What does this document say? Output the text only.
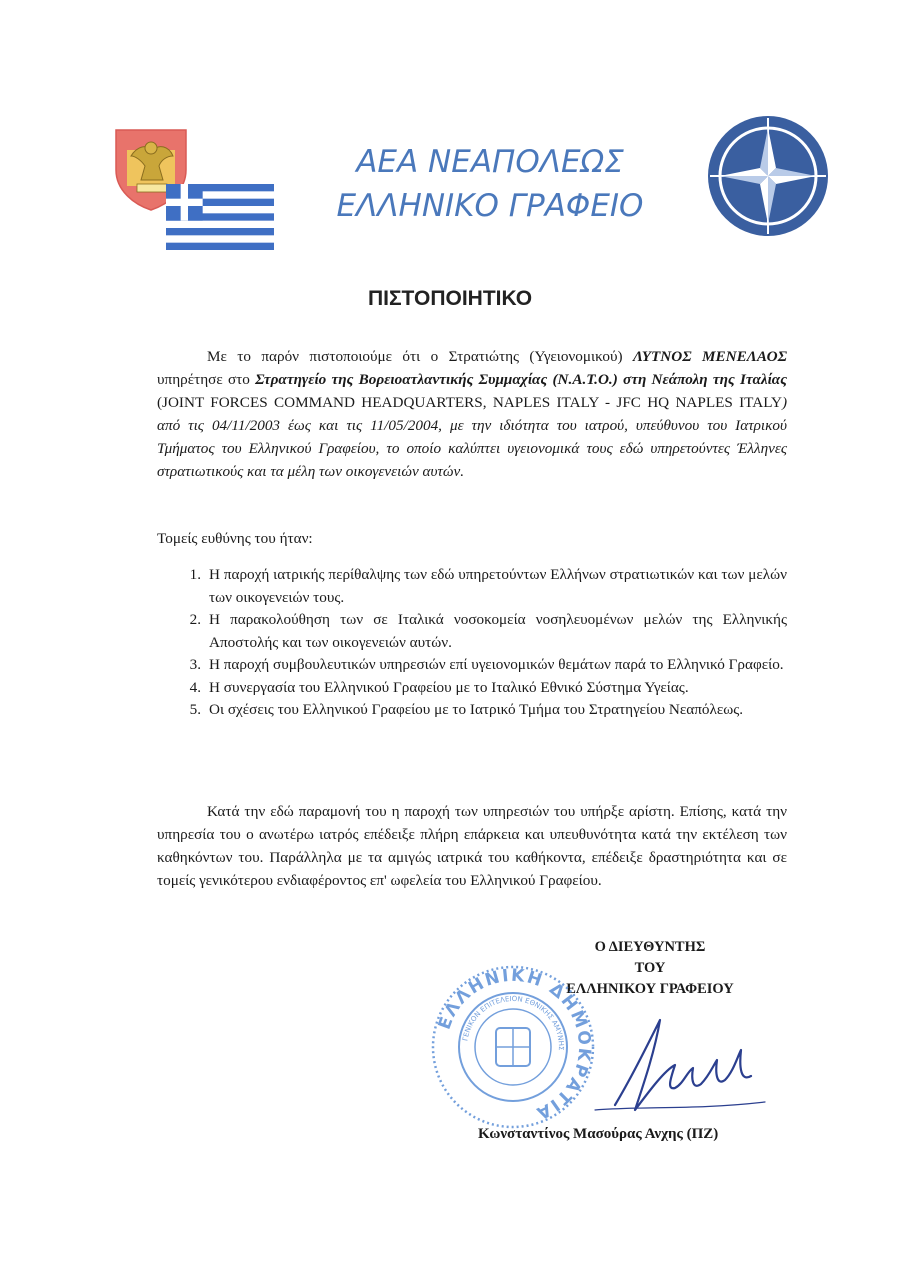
ΑΕΑ ΝΕΑΠΟΛΕΩΣ
ΕΛΛΗΝΙΚΟ ΓΡΑΦΕΙΟ
ΠΙΣΤΟΠΟΙΗΤΙΚΟ
Με το παρόν πιστοποιούμε ότι ο Στρατιώτης (Υγειονομικού) ΛΥΤΝΟΣ ΜΕΝΕΛΑΟΣ υπηρέτησε στο Στρατηγείο της Βορειοατλαντικής Συμμαχίας (Ν.Α.Τ.Ο.) στη Νεάπολη της Ιταλίας (JOINT FORCES COMMAND HEADQUARTERS, NAPLES ITALY - JFC HQ NAPLES ITALY) από τις 04/11/2003 έως και τις 11/05/2004, με την ιδιότητα του ιατρού, υπεύθυνου του Ιατρικού Τμήματος του Ελληνικού Γραφείου, το οποίο καλύπτει υγειονομικά τους εδώ υπηρετούντες Έλληνες στρατιωτικούς και τα μέλη των οικογενειών αυτών.
Τομείς ευθύνης του ήταν:
1. Η παροχή ιατρικής περίθαλψης των εδώ υπηρετούντων Ελλήνων στρατιωτικών και των μελών των οικογενειών τους.
2. Η παρακολούθηση των σε Ιταλικά νοσοκομεία νοσηλευομένων μελών της Ελληνικής Αποστολής και των οικογενειών αυτών.
3. Η παροχή συμβουλευτικών υπηρεσιών επί υγειονομικών θεμάτων παρά το Ελληνικό Γραφείο.
4. Η συνεργασία του Ελληνικού Γραφείου με το Ιταλικό Εθνικό Σύστημα Υγείας.
5. Οι σχέσεις του Ελληνικού Γραφείου με το Ιατρικό Τμήμα του Στρατηγείου Νεαπόλεως.
Κατά την εδώ παραμονή του η παροχή των υπηρεσιών του υπήρξε αρίστη. Επίσης, κατά την υπηρεσία του ο ανωτέρω ιατρός επέδειξε πλήρη επάρκεια και υπευθυνότητα κατά την εκτέλεση των καθηκόντων του. Παράλληλα με τα αμιγώς ιατρικά του καθήκοντα, επέδειξε δραστηριότητα και σε τομείς γενικότερου ενδιαφέροντος επ' ωφελεία του Ελληνικού Γραφείου.
Ο ΔΙΕΥΘΥΝΤΗΣ
ΤΟΥ
ΕΛΛΗΝΙΚΟΥ ΓΡΑΦΕΙΟΥ
ΕΛΛΗΝΙΚΗ ΔΗΜΟΚΡΑΤΙΑ
ΓΕΝΙΚΟΝ ΕΠΙΤΕΛΕΙΟΝ ΕΘΝΙΚΗΣ ΑΜΥΝΗΣ
Κωνσταντίνος Μασούρας Ανχης (ΠΖ)
